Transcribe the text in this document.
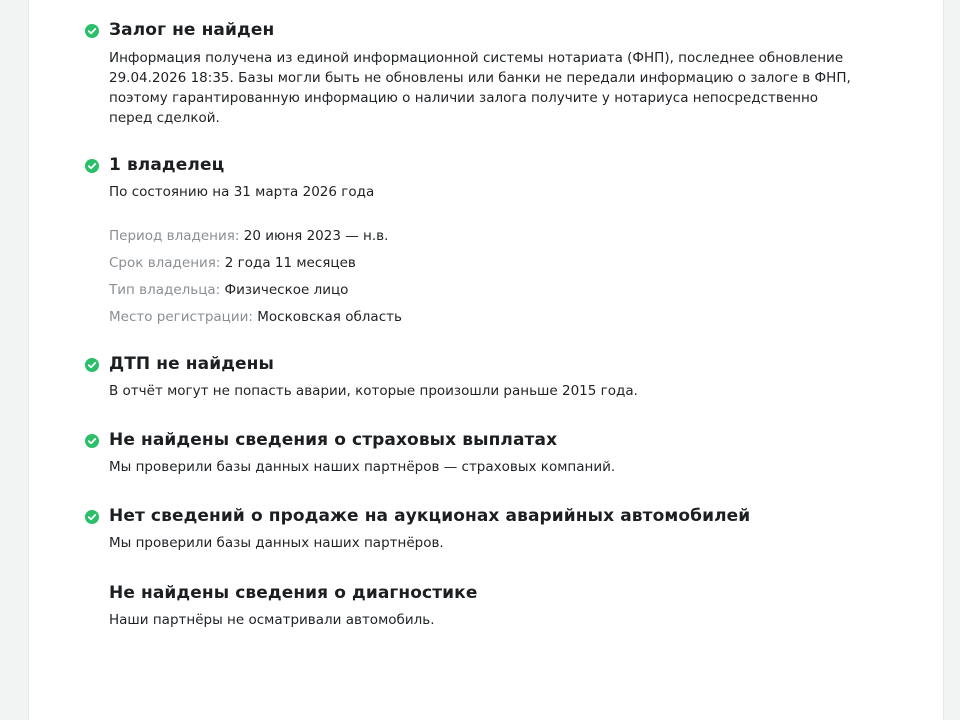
Залог не найден

Информация получена из единой информационной системы нотариата (ФНП), последнее обновление 29.04.2026 18:35. Базы могли быть не обновлены или банки не передали информацию о залоге в ФНП, поэтому гарантированную информацию о наличии залога получите у нотариуса непосредственно перед сделкой.

1 владелец

По состоянию на 31 марта 2026 года

Период владения: 20 июня 2023 — н.в.
Срок владения: 2 года 11 месяцев
Тип владельца: Физическое лицо
Место регистрации: Московская область
ДТП не найдены

В отчёт могут не попасть аварии, которые произошли раньше 2015 года.

Не найдены сведения о страховых выплатах

Мы проверили базы данных наших партнёров — страховых компаний.

Нет сведений о продаже на аукционах аварийных автомобилей

Мы проверили базы данных наших партнёров.

Не найдены сведения о диагностике

Наши партнёры не осматривали автомобиль.
